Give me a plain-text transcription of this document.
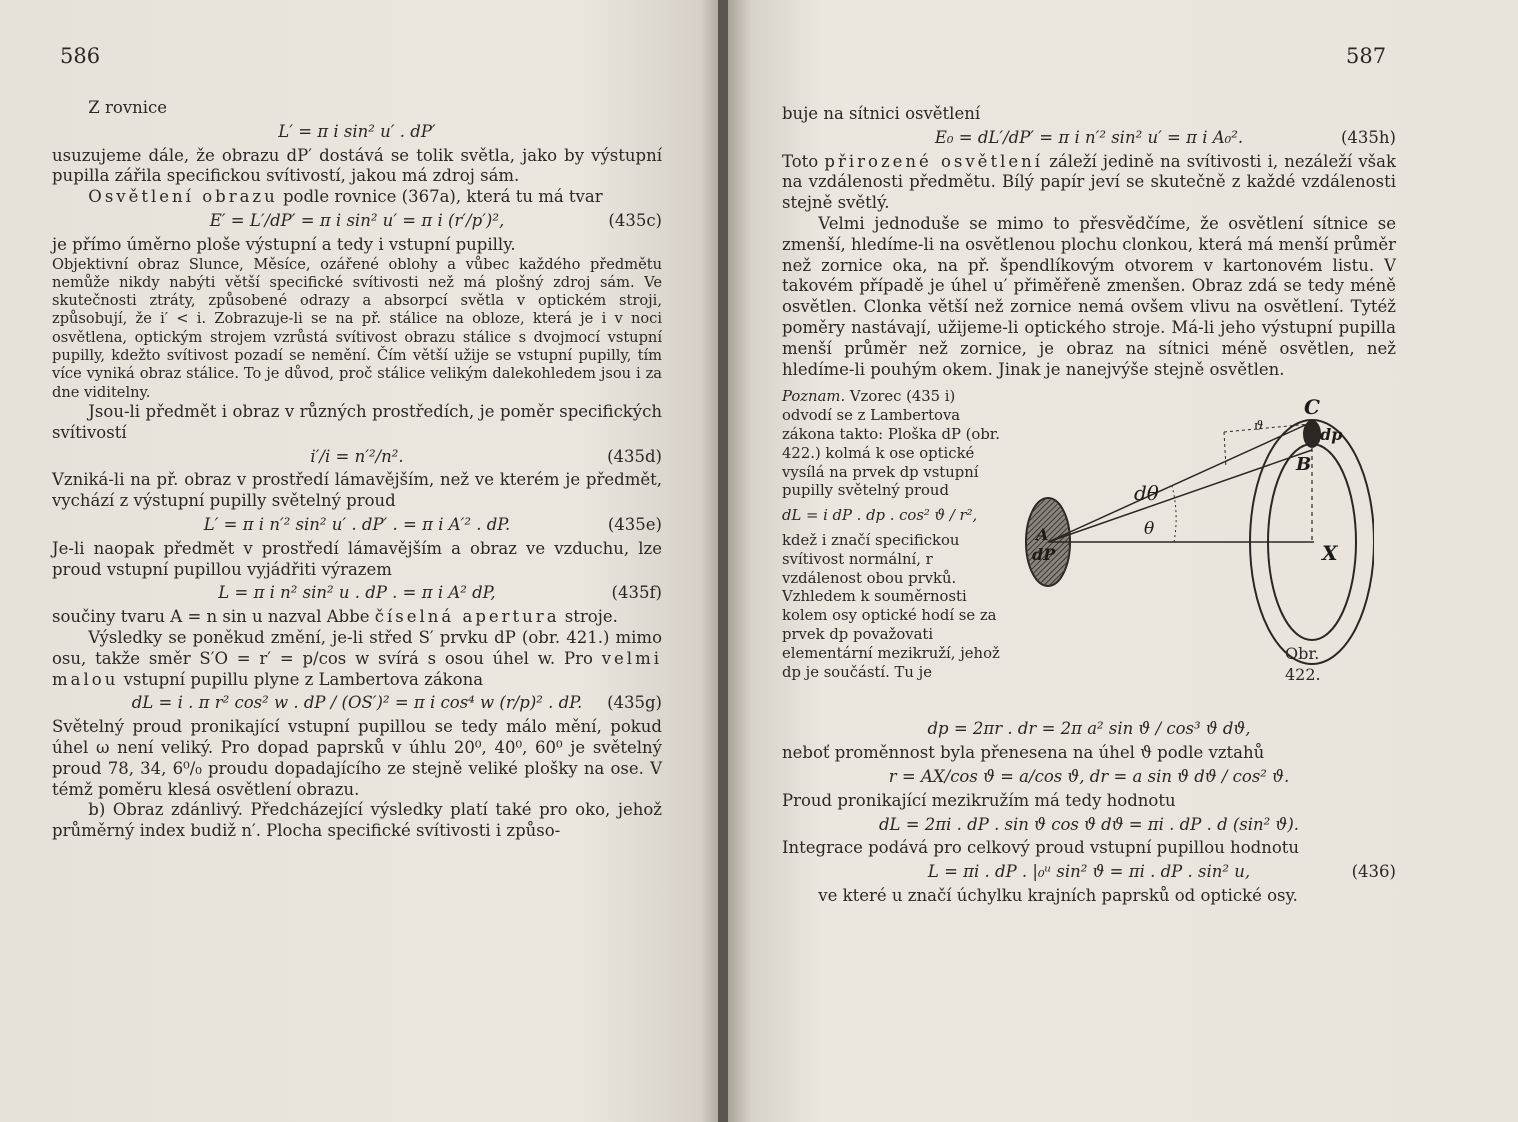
586

Z rovnice

L′ = π i sin² u′ . dP′

usuzujeme dále, že obrazu dP′ dostává se tolik světla, jako by výstupní pupilla zářila specifickou svítivostí, jakou má zdroj sám.

Osvětlení obrazu podle rovnice (367a), která tu má tvar

E′ = L′/dP′ = π i sin² u′ = π i (r′/p′)²,	(435c)

je přímo úměrno ploše výstupní a tedy i vstupní pupilly.

Objektivní obraz Slunce, Měsíce, ozářené oblohy a vůbec každého předmětu nemůže nikdy nabýti větší specifické svítivosti než má plošný zdroj sám. Ve skutečnosti ztráty, způsobené odrazy a absorpcí světla v optickém stroji, způsobují, že i′ < i. Zobrazuje-li se na př. stálice na obloze, která je i v noci osvětlena, optickým strojem vzrůstá svítivost obrazu stálice s dvojmocí vstupní pupilly, kdežto svítivost pozadí se nemění. Čím větší užije se vstupní pupilly, tím více vyniká obraz stálice. To je důvod, proč stálice velikým dalekohledem jsou i za dne viditelny.

Jsou-li předmět i obraz v různých prostředích, je poměr specifických svítivostí

i′/i = n′²/n².	(435d)

Vzniká-li na př. obraz v prostředí lámavějším, než ve kterém je předmět, vychází z výstupní pupilly světelný proud

L′ = π i n′² sin² u′ . dP′ . = π i A′² . dP.	(435e)

Je-li naopak předmět v prostředí lámavějším a obraz ve vzduchu, lze proud vstupní pupillou vyjádřiti výrazem

L = π i n² sin² u . dP . = π i A² dP,	(435f)

součiny tvaru A = n sin u nazval Abbe číselná apertura stroje.

Výsledky se poněkud změní, je-li střed S′ prvku dP (obr. 421.) mimo osu, takže směr S′O = r′ = p/cos w svírá s osou úhel w. Pro velmi malou vstupní pupillu plyne z Lambertova zákona

dL = i . π r² cos² w . dP / (OS′)² = π i cos⁴ w (r/p)² . dP. (435g)

Světelný proud pronikající vstupní pupillou se tedy málo mění, pokud úhel ω není veliký. Pro dopad paprsků v úhlu 20⁰, 40⁰, 60⁰ je světelný proud 78, 34, 6⁰/₀ proudu dopadajícího ze stejně veliké plošky na ose. V témž poměru klesá osvětlení obrazu.

b) Obraz zdánlivý. Předcházející výsledky platí také pro oko, jehož průměrný index budiž n′. Plocha specifické svítivosti i způso-

587

buje na sítnici osvětlení

E₀ = dL′/dP′ = π i n′² sin² u′ = π i A₀².	(435h)

Toto přirozené osvětlení záleží jedině na svítivosti i, nezáleží však na vzdálenosti předmětu. Bílý papír jeví se skutečně z každé vzdálenosti stejně světlý.

Velmi jednoduše se mimo to přesvědčíme, že osvětlení sítnice se zmenší, hledíme-li na osvětlenou plochu clonkou, která má menší průměr než zornice oka, na př. špendlíkovým otvorem v kartonovém listu. V takovém případě je úhel u′ přiměřeně zmenšen. Obraz zdá se tedy méně osvětlen. Clonka větší než zornice nemá ovšem vlivu na osvětlení. Tytéž poměry nastávají, užijeme-li optického stroje. Má-li jeho výstupní pupilla menší průměr než zornice, je obraz na sítnici méně osvětlen, než hledíme-li pouhým okem. Jinak je nanejvýše stejně osvětlen.

Poznam. Vzorec (435 i) odvodí se z Lambertova zákona takto: Ploška dP (obr. 422.) kolmá k ose optické vysílá na prvek dp vstupní pupilly světelný proud
dL = i dP . dp . cos² ϑ / r²,
kdež i značí specifickou svítivost normální, r vzdálenost obou prvků. Vzhledem k souměrnosti kolem osy optické hodí se za prvek dp považovati elementární mezikruží, jehož dp je součástí. Tu je
A
dP
C
dp
B
X
dθ
θ
ϑ
Obr. 422.
dp = 2πr . dr = 2π a² sin ϑ / cos³ ϑ dϑ,

neboť proměnnost byla přenesena na úhel ϑ podle vztahů

r = AX/cos ϑ = a/cos ϑ, dr = a sin ϑ dϑ / cos² ϑ.

Proud pronikající mezikružím má tedy hodnotu

dL = 2πi . dP . sin ϑ cos ϑ dϑ = πi . dP . d (sin² ϑ).

Integrace podává pro celkový proud vstupní pupillou hodnotu

L = πi . dP . |₀ᵘ sin² ϑ = πi . dP . sin² u,	(436)

ve které u značí úchylku krajních paprsků od optické osy.
